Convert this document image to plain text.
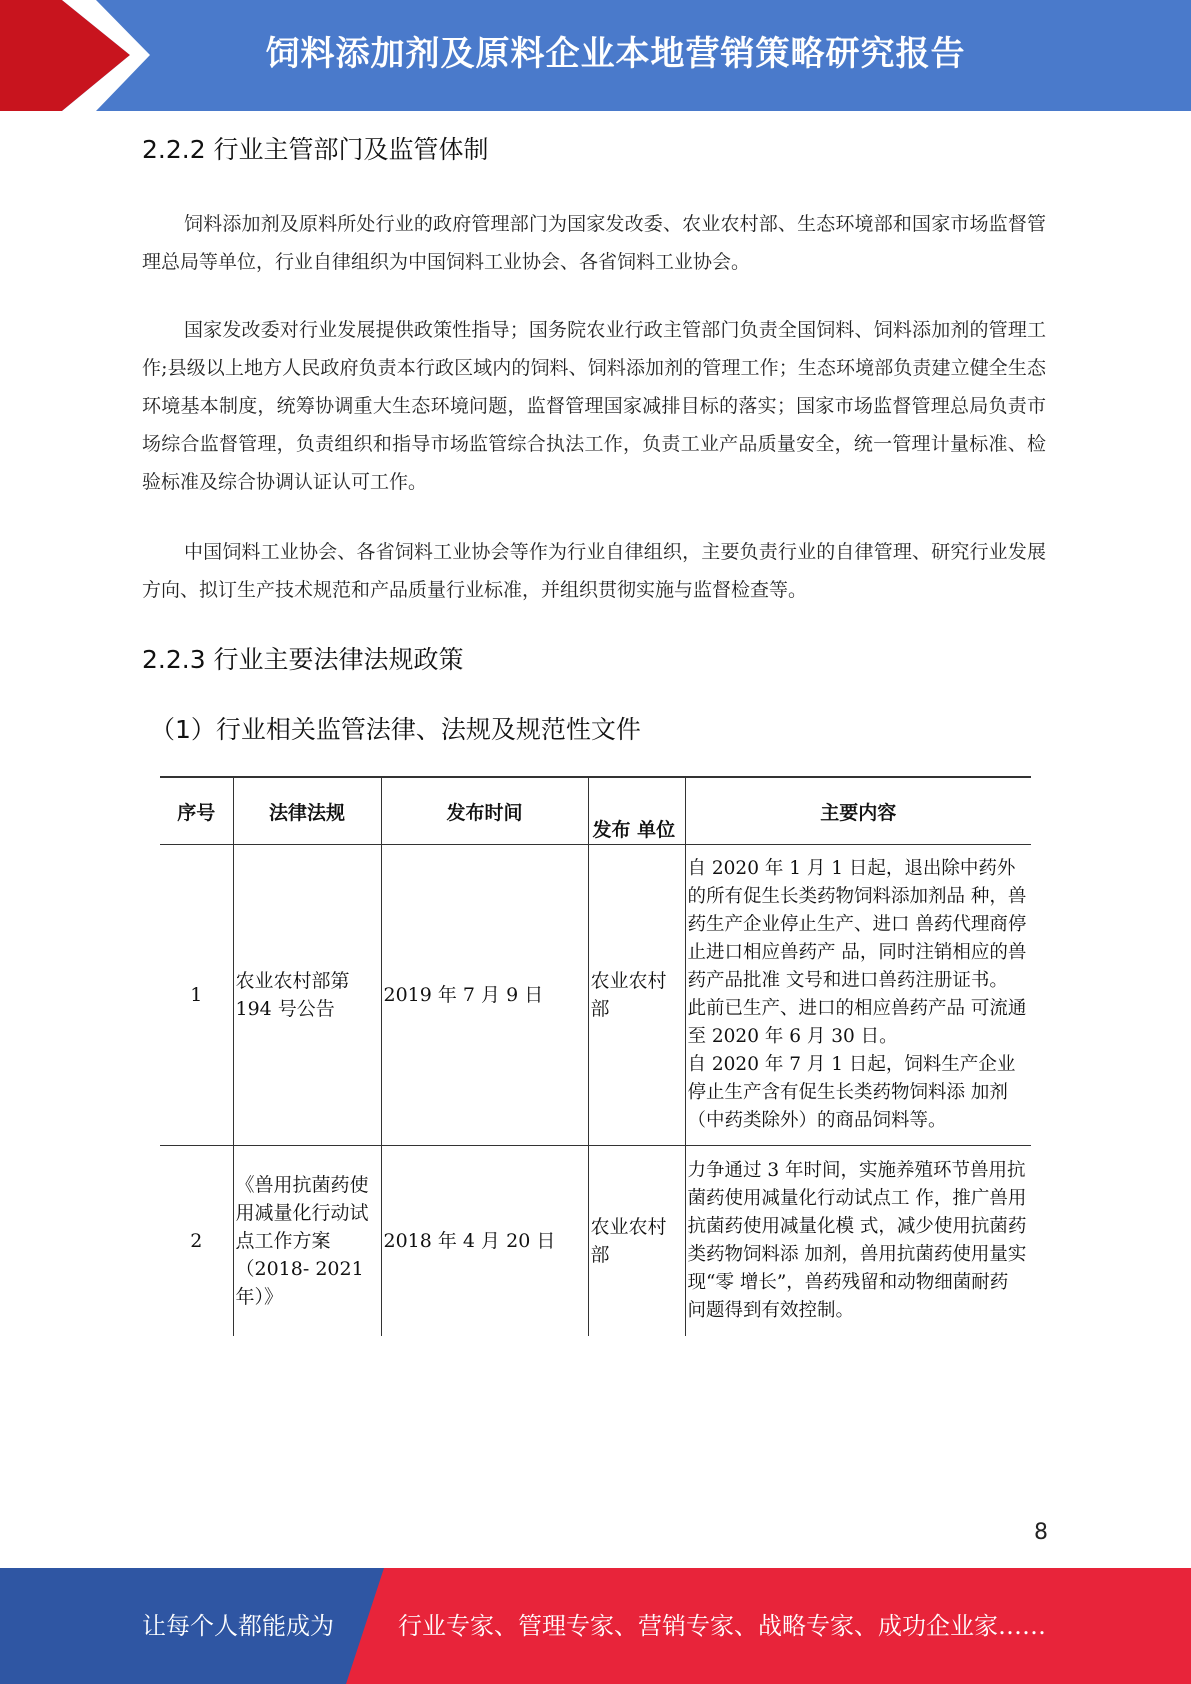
饲料添加剂及原料企业本地营销策略研究报告
2.2.2 行业主管部门及监管体制

饲料添加剂及原料所处行业的政府管理部门为国家发改委、农业农村部、生态环境部和国家市场监督管理总局等单位，行业自律组织为中国饲料工业协会、各省饲料工业协会。

国家发改委对行业发展提供政策性指导；国务院农业行政主管部门负责全国饲料、饲料添加剂的管理工作;县级以上地方人民政府负责本行政区域内的饲料、饲料添加剂的管理工作；生态环境部负责建立健全生态环境基本制度，统筹协调重大生态环境问题，监督管理国家减排目标的落实；国家市场监督管理总局负责市场综合监督管理，负责组织和指导市场监管综合执法工作，负责工业产品质量安全，统一管理计量标准、检验标准及综合协调认证认可工作。

中国饲料工业协会、各省饲料工业协会等作为行业自律组织，主要负责行业的自律管理、研究行业发展方向、拟订生产技术规范和产品质量行业标准，并组织贯彻实施与监督检查等。

2.2.3 行业主要法律法规政策
（1）行业相关监管法律、法规及规范性文件
序号	法律法规	发布时间	发布 单位	主要内容
1	农业农村部第194 号公告	2019 年 7 月 9 日	农业农村部	自 2020 年 1 月 1 日起，退出除中药外的所有促生长类药物饲料添加剂品 种，兽药生产企业停止生产、进口 兽药代理商停止进口相应兽药产 品，同时注销相应的兽药产品批准 文号和进口兽药注册证书。

此前已生产、进口的相应兽药产品 可流通至 2020 年 6 月 30 日。

自 2020 年 7 月 1 日起，饲料生产企业停止生产含有促生长类药物饲料添 加剂（中药类除外）的商品饲料等。

2	《兽用抗菌药使用减量化行动试点工作方案（2018- 2021 年）》	2018 年 4 月 20 日	农业农村部	力争通过 3 年时间，实施养殖环节兽用抗菌药使用减量化行动试点工 作，推广兽用抗菌药使用减量化模 式，减少使用抗菌药类药物饲料添 加剂，兽用抗菌药使用量实现“零 增长”，兽药残留和动物细菌耐药 问题得到有效控制。

8
让每个人都能成为	行业专家、管理专家、营销专家、战略专家、成功企业家……
